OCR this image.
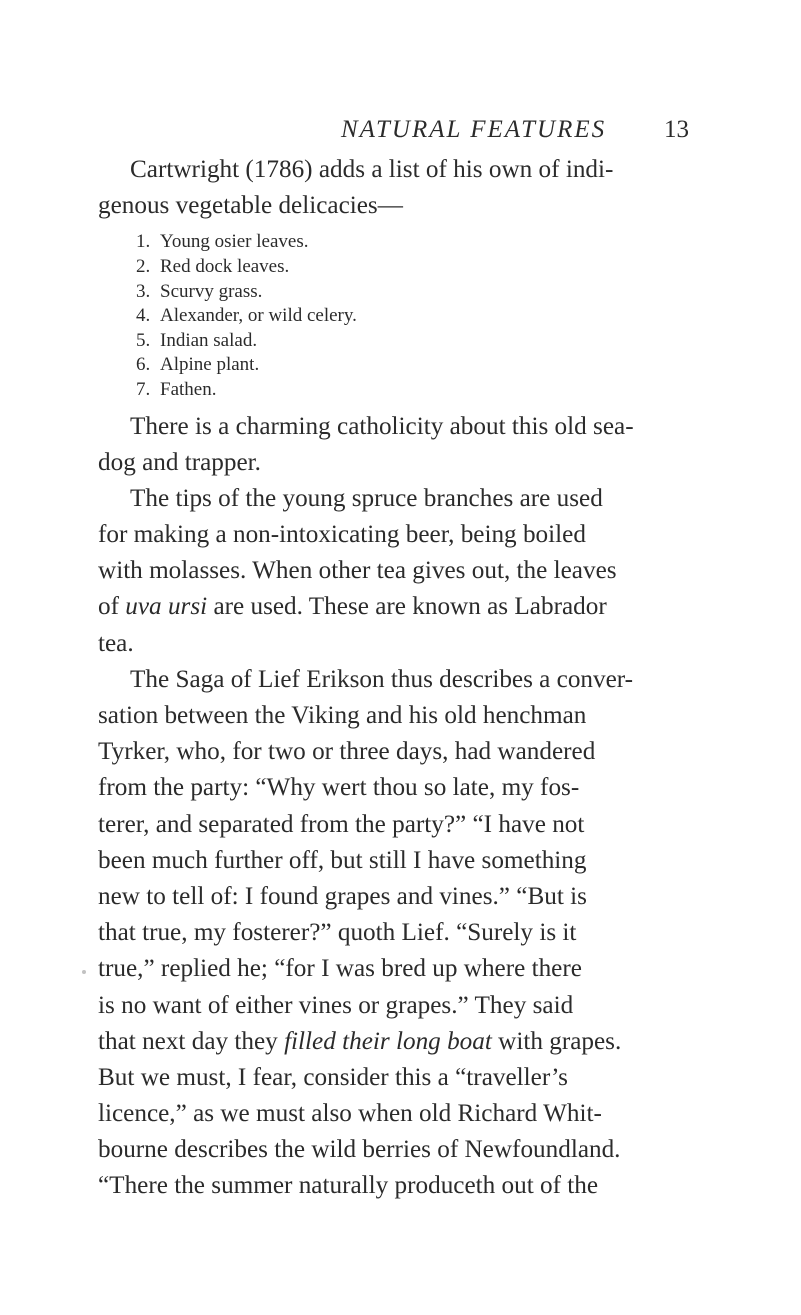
NATURAL FEATURES 13
Cartwright (1786) adds a list of his own of indi-
genous vegetable delicacies—
1. Young osier leaves.
2. Red dock leaves.
3. Scurvy grass.
4. Alexander, or wild celery.
5. Indian salad.
6. Alpine plant.
7. Fathen.
There is a charming catholicity about this old sea-
dog and trapper.
The tips of the young spruce branches are used
for making a non-intoxicating beer, being boiled
with molasses. When other tea gives out, the leaves
of uva ursi are used. These are known as Labrador
tea.
The Saga of Lief Erikson thus describes a conver-
sation between the Viking and his old henchman
Tyrker, who, for two or three days, had wandered
from the party: “Why wert thou so late, my fos-
terer, and separated from the party?” “I have not
been much further off, but still I have something
new to tell of: I found grapes and vines.” “But is
that true, my fosterer?” quoth Lief. “Surely is it
true,” replied he; “for I was bred up where there
is no want of either vines or grapes.” They said
that next day they filled their long boat with grapes.
But we must, I fear, consider this a “traveller’s
licence,” as we must also when old Richard Whit-
bourne describes the wild berries of Newfoundland.
“There the summer naturally produceth out of the
